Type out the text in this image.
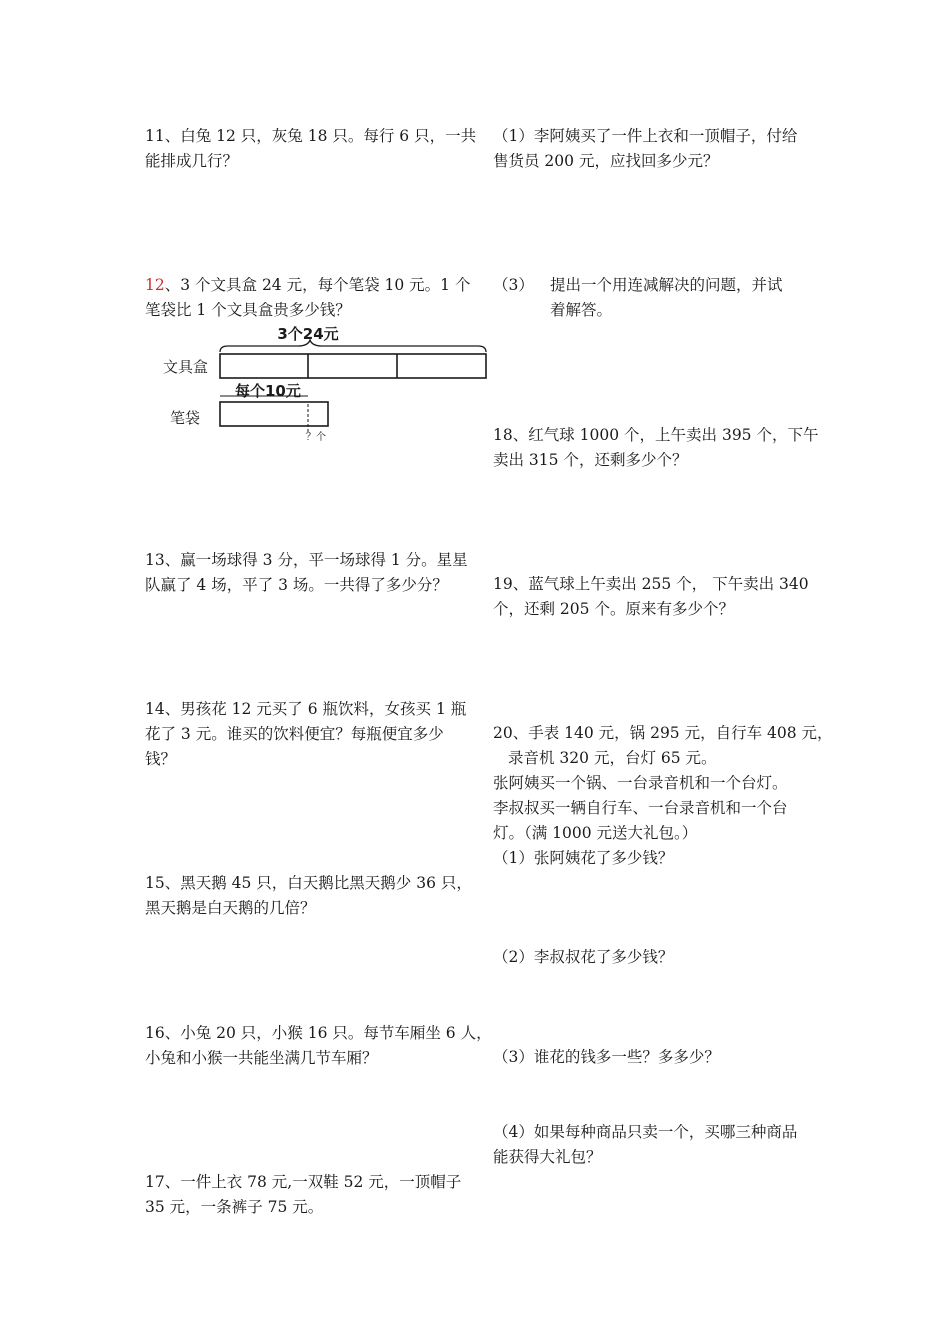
11、白兔 12 只，灰兔 18 只。每行 6 只，一共
能排成几行？
12、3 个文具盒 24 元，每个笔袋 10 元。1 个
笔袋比 1 个文具盒贵多少钱？
3个24元
文具盒
每个10元
笔袋
？个
13、赢一场球得 3 分，平一场球得 1 分。星星
队赢了 4 场，平了 3 场。一共得了多少分？
14、男孩花 12 元买了 6 瓶饮料，女孩买 1 瓶
花了 3 元。谁买的饮料便宜？每瓶便宜多少
钱？
15、黑天鹅 45 只，白天鹅比黑天鹅少 36 只，
黑天鹅是白天鹅的几倍？
16、小兔 20 只，小猴 16 只。每节车厢坐 6 人，
小兔和小猴一共能坐满几节车厢？
17、一件上衣 78 元,一双鞋 52 元，一顶帽子
35 元，一条裤子 75 元。
（1）李阿姨买了一件上衣和一顶帽子，付给
售货员 200 元，应找回多少元？
（3） 提出一个用连减解决的问题，并试
着解答。
18、红气球 1000 个，上午卖出 395 个，下午
卖出 315 个，还剩多少个？
19、蓝气球上午卖出 255 个， 下午卖出 340
个，还剩 205 个。原来有多少个？
20、手表 140 元，锅 295 元，自行车 408 元，
录音机 320 元，台灯 65 元。
张阿姨买一个锅、一台录音机和一个台灯。
李叔叔买一辆自行车、一台录音机和一个台
灯。（满 1000 元送大礼包。）
（1）张阿姨花了多少钱？
（2）李叔叔花了多少钱？
（3）谁花的钱多一些？多多少？
（4）如果每种商品只卖一个，买哪三种商品
能获得大礼包？
